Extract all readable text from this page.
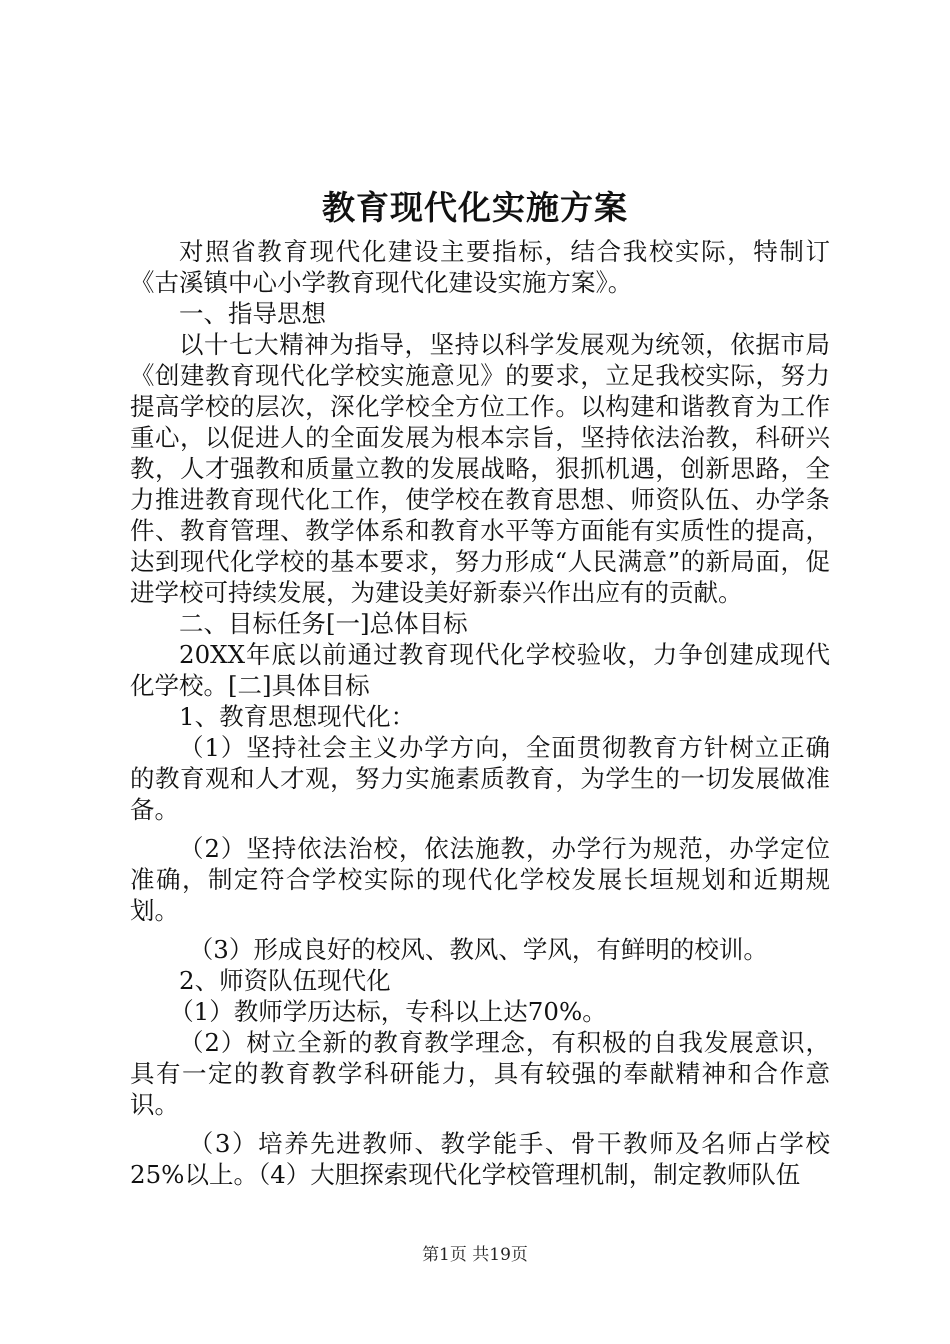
教育现代化实施方案

对照省教育现代化建设主要指标，结合我校实际，特制订《古溪镇中心小学教育现代化建设实施方案》。

一、指导思想

以十七大精神为指导，坚持以科学发展观为统领，依据市局《创建教育现代化学校实施意见》的要求，立足我校实际，努力提高学校的层次，深化学校全方位工作。以构建和谐教育为工作重心，以促进人的全面发展为根本宗旨，坚持依法治教，科研兴教，人才强教和质量立教的发展战略，狠抓机遇，创新思路，全力推进教育现代化工作，使学校在教育思想、师资队伍、办学条件、教育管理、教学体系和教育水平等方面能有实质性的提高，达到现代化学校的基本要求，努力形成“人民满意”的新局面，促进学校可持续发展，为建设美好新泰兴作出应有的贡献。

二、目标任务[一]总体目标

20XX年底以前通过教育现代化学校验收，力争创建成现代化学校。[二]具体目标

1、教育思想现代化：

（1）坚持社会主义办学方向，全面贯彻教育方针树立正确的教育观和人才观，努力实施素质教育，为学生的一切发展做准备。

（2）坚持依法治校，依法施教，办学行为规范，办学定位准确，制定符合学校实际的现代化学校发展长垣规划和近期规划。

（3）形成良好的校风、教风、学风，有鲜明的校训。

2、师资队伍现代化

（1）教师学历达标，专科以上达70%。

（2）树立全新的教育教学理念，有积极的自我发展意识，具有一定的教育教学科研能力，具有较强的奉献精神和合作意识。

（3）培养先进教师、教学能手、骨干教师及名师占学校25%以上。（4）大胆探索现代化学校管理机制，制定教师队伍

第1页 共19页
